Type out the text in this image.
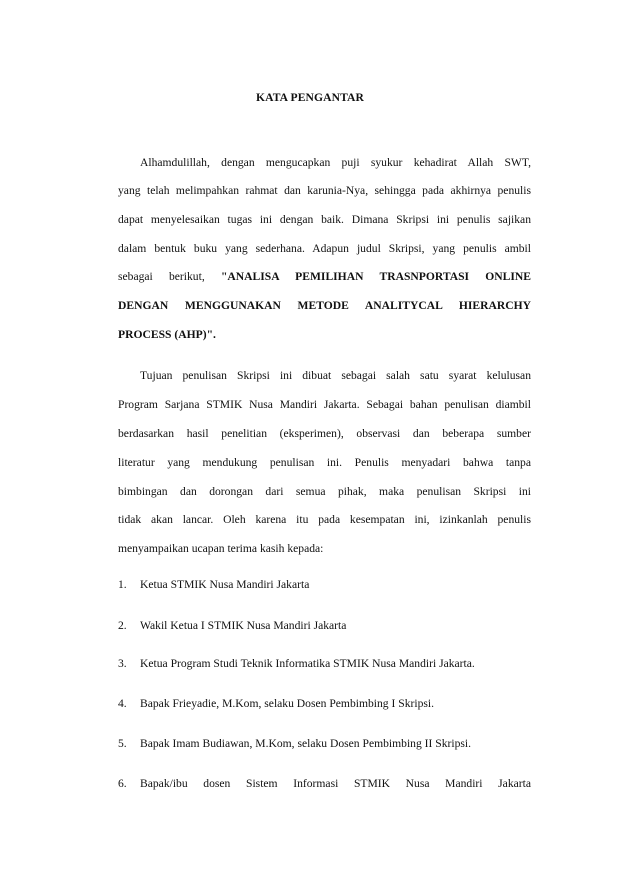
KATA PENGANTAR
Alhamdulillah, dengan mengucapkan puji syukur kehadirat Allah SWT,
yang telah melimpahkan rahmat dan karunia-Nya, sehingga pada akhirnya penulis
dapat menyelesaikan tugas ini dengan baik. Dimana Skripsi ini penulis sajikan
dalam bentuk buku yang sederhana. Adapun judul Skripsi, yang penulis ambil
sebagai berikut, "ANALISA PEMILIHAN TRASNPORTASI ONLINE
DENGAN MENGGUNAKAN METODE ANALITYCAL HIERARCHY
PROCESS (AHP)".
Tujuan penulisan Skripsi ini dibuat sebagai salah satu syarat kelulusan
Program Sarjana STMIK Nusa Mandiri Jakarta. Sebagai bahan penulisan diambil
berdasarkan hasil penelitian (eksperimen), observasi dan beberapa sumber
literatur yang mendukung penulisan ini. Penulis menyadari bahwa tanpa
bimbingan dan dorongan dari semua pihak, maka penulisan Skripsi ini
tidak akan lancar. Oleh karena itu pada kesempatan ini, izinkanlah penulis
menyampaikan ucapan terima kasih kepada:
1. Ketua STMIK Nusa Mandiri Jakarta
2. Wakil Ketua I STMIK Nusa Mandiri Jakarta
3. Ketua Program Studi Teknik Informatika STMIK Nusa Mandiri Jakarta.
4. Bapak Frieyadie, M.Kom, selaku Dosen Pembimbing I Skripsi.
5. Bapak Imam Budiawan, M.Kom, selaku Dosen Pembimbing II Skripsi.
6. Bapak/ibu dosen Sistem Informasi STMIK Nusa Mandiri Jakarta
